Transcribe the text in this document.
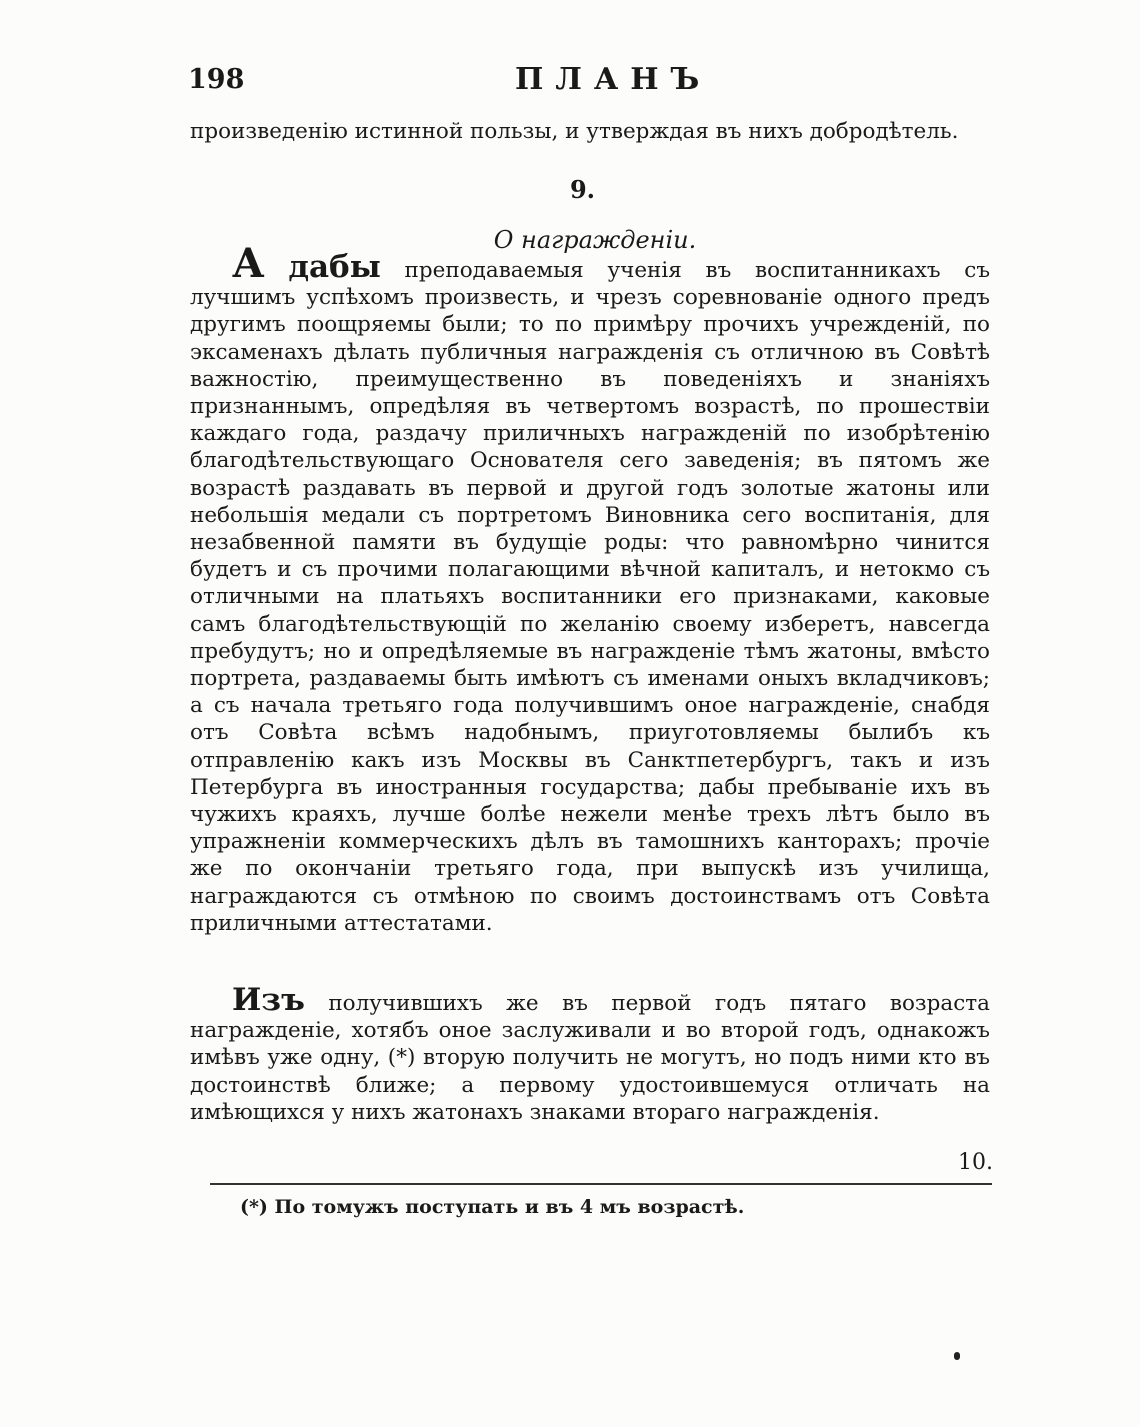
198	ПЛАНЪ
произведенію истинной пользы, и утверждая въ нихъ добродѣтель.
9.
О награжденіи.
А дабы преподаваемыя ученія въ воспитанникахъ съ лучшимъ успѣхомъ произвесть, и чрезъ соревнованіе одного предъ другимъ поощряемы были; то по примѣру прочихъ учрежденій, по эксаменахъ дѣлать публичныя награжденія съ отличною въ Совѣтѣ важностію, преимущественно въ поведеніяхъ и знаніяхъ признаннымъ, опредѣляя въ четвертомъ возрастѣ, по прошествіи каждаго года, раздачу приличныхъ награжденій по изобрѣтенію благодѣтельствующаго Основателя сего заведенія; въ пятомъ же возрастѣ раздавать въ первой и другой годъ золотые жатоны или небольшія медали съ портретомъ Виновника сего воспитанія, для незабвенной памяти въ будущіе роды: что равномѣрно чинится будетъ и съ прочими полагающими вѣчной капиталъ, и нетокмо съ отличными на платьяхъ воспитанники его признаками, каковые самъ благодѣтельствующій по желанію своему изберетъ, навсегда пребудутъ; но и опредѣляемые въ награжденіе тѣмъ жатоны, вмѣсто портрета, раздаваемы быть имѣютъ съ именами оныхъ вкладчиковъ; а съ начала третьяго года получившимъ оное награжденіе, снабдя отъ Совѣта всѣмъ надобнымъ, приуготовляемы былибъ къ отправленію какъ изъ Москвы въ Санктпетербургъ, такъ и изъ Петербурга въ иностранныя государства; дабы пребываніе ихъ въ чужихъ краяхъ, лучше болѣе нежели менѣе трехъ лѣтъ было въ упражненіи коммерческихъ дѣлъ въ тамошнихъ канторахъ; прочіе же по окончаніи третьяго года, при выпускѣ изъ училища, награждаются съ отмѣною по своимъ достоинствамъ отъ Совѣта приличными аттестатами.
Изъ получившихъ же въ первой годъ пятаго возраста награжденіе, хотябъ оное заслуживали и во второй годъ, однакожъ имѣвъ уже одну, (*) вторую получить не могутъ, но подъ ними кто въ достоинствѣ ближе; а первому удостоившемуся отличать на имѣющихся у нихъ жатонахъ знаками втораго награжденія.
10.
(*) По томужъ поступать и въ 4 мъ возрастѣ.
